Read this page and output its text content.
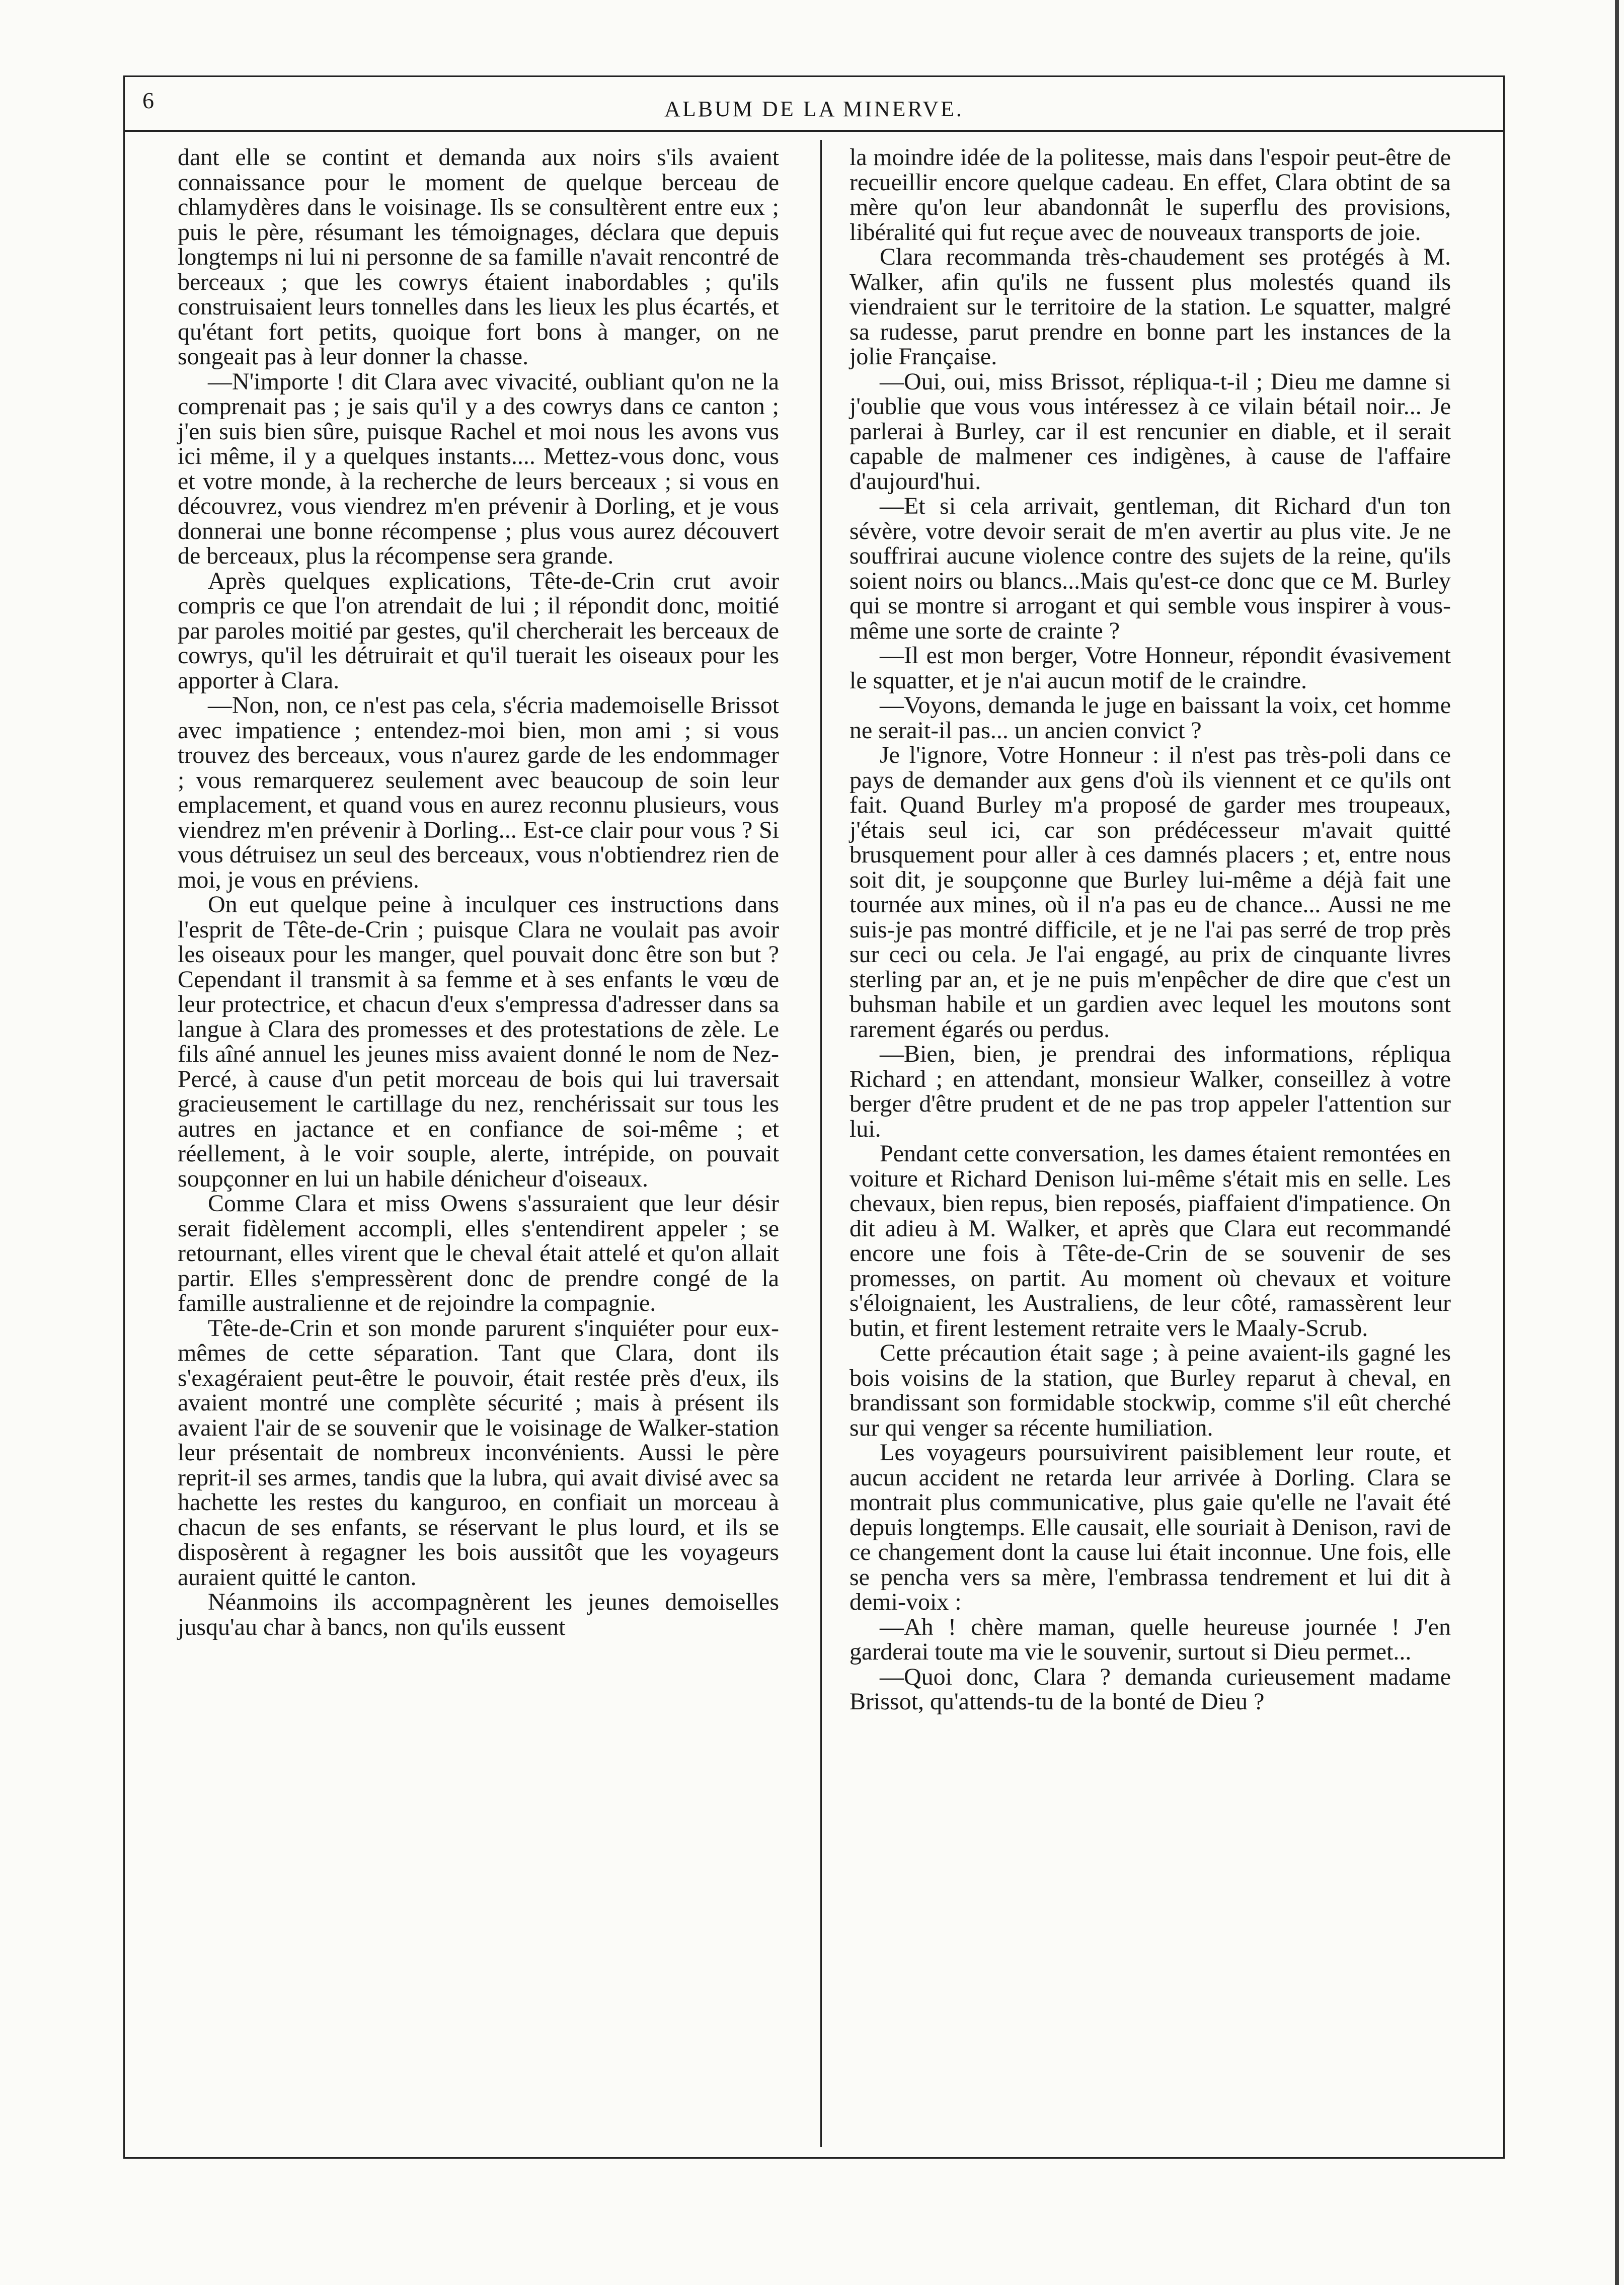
6	ALBUM DE LA MINERVE.

dant elle se contint et demanda aux noirs s'ils avaient connaissance pour le moment de quelque berceau de chlamydères dans le voisinage. Ils se consultèrent entre eux ; puis le père, résumant les témoignages, déclara que depuis longtemps ni lui ni personne de sa famille n'avait rencontré de berceaux ; que les cowrys étaient inabordables ; qu'ils construisaient leurs tonnelles dans les lieux les plus écartés, et qu'étant fort petits, quoique fort bons à manger, on ne songeait pas à leur donner la chasse.

—N'importe ! dit Clara avec vivacité, oubliant qu'on ne la comprenait pas ; je sais qu'il y a des cowrys dans ce canton ; j'en suis bien sûre, puisque Rachel et moi nous les avons vus ici même, il y a quelques instants.... Mettez-vous donc, vous et votre monde, à la recherche de leurs berceaux ; si vous en découvrez, vous viendrez m'en prévenir à Dorling, et je vous donnerai une bonne récompense ; plus vous aurez découvert de berceaux, plus la récompense sera grande.

Après quelques explications, Tête-de-Crin crut avoir compris ce que l'on atrendait de lui ; il répondit donc, moitié par paroles moitié par gestes, qu'il chercherait les berceaux de cowrys, qu'il les détruirait et qu'il tuerait les oiseaux pour les apporter à Clara.

—Non, non, ce n'est pas cela, s'écria mademoiselle Brissot avec impatience ; entendez-moi bien, mon ami ; si vous trouvez des berceaux, vous n'aurez garde de les endommager ; vous remarquerez seulement avec beaucoup de soin leur emplacement, et quand vous en aurez reconnu plusieurs, vous viendrez m'en prévenir à Dorling... Est-ce clair pour vous ? Si vous détruisez un seul des berceaux, vous n'obtiendrez rien de moi, je vous en préviens.

On eut quelque peine à inculquer ces instructions dans l'esprit de Tête-de-Crin ; puisque Clara ne voulait pas avoir les oiseaux pour les manger, quel pouvait donc être son but ? Cependant il transmit à sa femme et à ses enfants le vœu de leur protectrice, et chacun d'eux s'empressa d'adresser dans sa langue à Clara des promesses et des protestations de zèle. Le fils aîné annuel les jeunes miss avaient donné le nom de Nez-Percé, à cause d'un petit morceau de bois qui lui traversait gracieusement le cartillage du nez, renchérissait sur tous les autres en jactance et en confiance de soi-même ; et réellement, à le voir souple, alerte, intrépide, on pouvait soupçonner en lui un habile dénicheur d'oiseaux.

Comme Clara et miss Owens s'assuraient que leur désir serait fidèlement accompli, elles s'entendirent appeler ; se retournant, elles virent que le cheval était attelé et qu'on allait partir. Elles s'empressèrent donc de prendre congé de la famille australienne et de rejoindre la compagnie.

Tête-de-Crin et son monde parurent s'inquiéter pour eux-mêmes de cette séparation. Tant que Clara, dont ils s'exagéraient peut-être le pouvoir, était restée près d'eux, ils avaient montré une complète sécurité ; mais à présent ils avaient l'air de se souvenir que le voisinage de Walker-station leur présentait de nombreux inconvénients. Aussi le père reprit-il ses armes, tandis que la lubra, qui avait divisé avec sa hachette les restes du kanguroo, en confiait un morceau à chacun de ses enfants, se réservant le plus lourd, et ils se disposèrent à regagner les bois aussitôt que les voyageurs auraient quitté le canton.

Néanmoins ils accompagnèrent les jeunes demoiselles jusqu'au char à bancs, non qu'ils eussent

la moindre idée de la politesse, mais dans l'espoir peut-être de recueillir encore quelque cadeau. En effet, Clara obtint de sa mère qu'on leur abandonnât le superflu des provisions, libéralité qui fut reçue avec de nouveaux transports de joie.

Clara recommanda très-chaudement ses protégés à M. Walker, afin qu'ils ne fussent plus molestés quand ils viendraient sur le territoire de la station. Le squatter, malgré sa rudesse, parut prendre en bonne part les instances de la jolie Française.

—Oui, oui, miss Brissot, répliqua-t-il ; Dieu me damne si j'oublie que vous vous intéressez à ce vilain bétail noir... Je parlerai à Burley, car il est rencunier en diable, et il serait capable de malmener ces indigènes, à cause de l'affaire d'aujourd'hui.

—Et si cela arrivait, gentleman, dit Richard d'un ton sévère, votre devoir serait de m'en avertir au plus vite. Je ne souffrirai aucune violence contre des sujets de la reine, qu'ils soient noirs ou blancs...Mais qu'est-ce donc que ce M. Burley qui se montre si arrogant et qui semble vous inspirer à vous-même une sorte de crainte ?

—Il est mon berger, Votre Honneur, répondit évasivement le squatter, et je n'ai aucun motif de le craindre.

—Voyons, demanda le juge en baissant la voix, cet homme ne serait-il pas... un ancien convict ?

Je l'ignore, Votre Honneur : il n'est pas très-poli dans ce pays de demander aux gens d'où ils viennent et ce qu'ils ont fait. Quand Burley m'a proposé de garder mes troupeaux, j'étais seul ici, car son prédécesseur m'avait quitté brusquement pour aller à ces damnés placers ; et, entre nous soit dit, je soupçonne que Burley lui-même a déjà fait une tournée aux mines, où il n'a pas eu de chance... Aussi ne me suis-je pas montré difficile, et je ne l'ai pas serré de trop près sur ceci ou cela. Je l'ai engagé, au prix de cinquante livres sterling par an, et je ne puis m'enpêcher de dire que c'est un buhsman habile et un gardien avec lequel les moutons sont rarement égarés ou perdus.

—Bien, bien, je prendrai des informations, répliqua Richard ; en attendant, monsieur Walker, conseillez à votre berger d'être prudent et de ne pas trop appeler l'attention sur lui.

Pendant cette conversation, les dames étaient remontées en voiture et Richard Denison lui-même s'était mis en selle. Les chevaux, bien repus, bien reposés, piaffaient d'impatience. On dit adieu à M. Walker, et après que Clara eut recommandé encore une fois à Tête-de-Crin de se souvenir de ses promesses, on partit. Au moment où chevaux et voiture s'éloignaient, les Australiens, de leur côté, ramassèrent leur butin, et firent lestement retraite vers le Maaly-Scrub.

Cette précaution était sage ; à peine avaient-ils gagné les bois voisins de la station, que Burley reparut à cheval, en brandissant son formidable stockwip, comme s'il eût cherché sur qui venger sa récente humiliation.

Les voyageurs poursuivirent paisiblement leur route, et aucun accident ne retarda leur arrivée à Dorling. Clara se montrait plus communicative, plus gaie qu'elle ne l'avait été depuis longtemps. Elle causait, elle souriait à Denison, ravi de ce changement dont la cause lui était inconnue. Une fois, elle se pencha vers sa mère, l'embrassa tendrement et lui dit à demi-voix :

—Ah ! chère maman, quelle heureuse journée ! J'en garderai toute ma vie le souvenir, surtout si Dieu permet...

—Quoi donc, Clara ? demanda curieusement madame Brissot, qu'attends-tu de la bonté de Dieu ?
